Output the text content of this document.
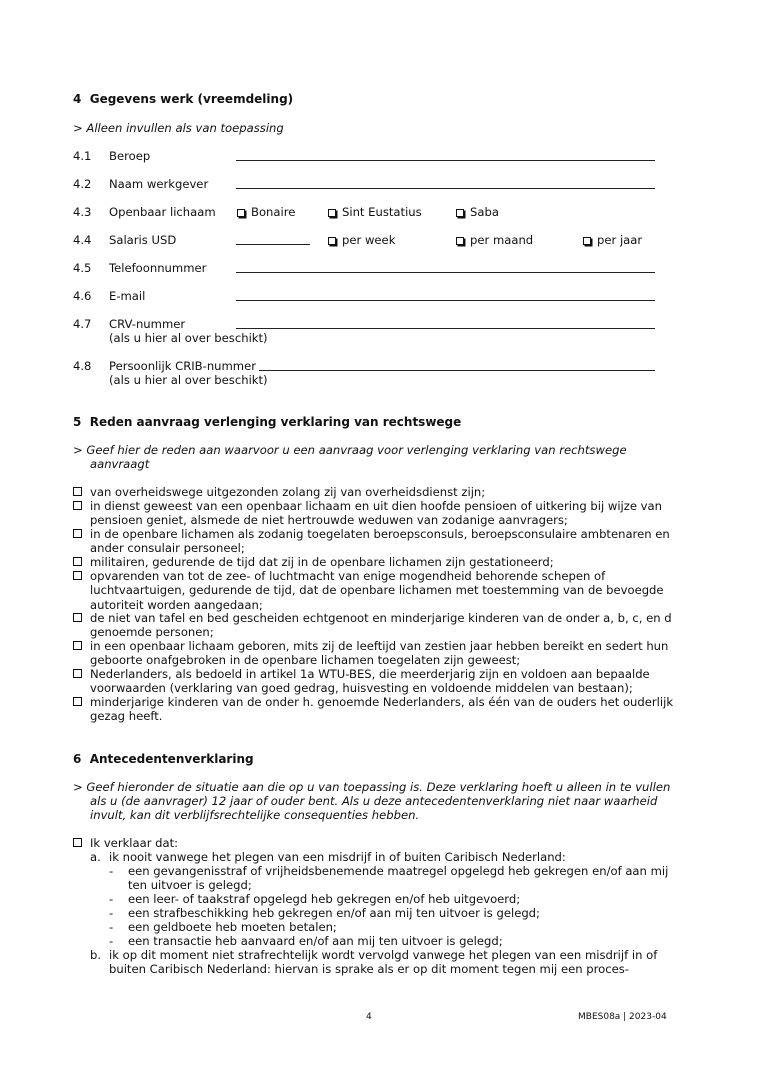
4 Gegevens werk (vreemdeling)
> Alleen invullen als van toepassing
4.1 Beroep
4.2 Naam werkgever
4.3 Openbaar lichaam	Bonaire	Sint Eustatius	Saba
4.4 Salaris USD	per week	per maand	per jaar
4.5 Telefoonnummer
4.6 E-mail
4.7 CRV-nummer
(als u hier al over beschikt)
4.8 Persoonlijk CRIB-nummer
(als u hier al over beschikt)
5 Reden aanvraag verlenging verklaring van rechtswege
> Geef hier de reden aan waarvoor u een aanvraag voor verlenging verklaring van rechtswege aanvraagt
van overheidswege uitgezonden zolang zij van overheidsdienst zijn;
in dienst geweest van een openbaar lichaam en uit dien hoofde pensioen of uitkering bij wijze van pensioen geniet, alsmede de niet hertrouwde weduwen van zodanige aanvragers;
in de openbare lichamen als zodanig toegelaten beroepsconsuls, beroepsconsulaire ambtenaren en ander consulair personeel;
militairen, gedurende de tijd dat zij in de openbare lichamen zijn gestationeerd;
opvarenden van tot de zee- of luchtmacht van enige mogendheid behorende schepen of luchtvaartuigen, gedurende de tijd, dat de openbare lichamen met toestemming van de bevoegde autoriteit worden aangedaan;
de niet van tafel en bed gescheiden echtgenoot en minderjarige kinderen van de onder a, b, c, en d genoemde personen;
in een openbaar lichaam geboren, mits zij de leeftijd van zestien jaar hebben bereikt en sedert hun geboorte onafgebroken in de openbare lichamen toegelaten zijn geweest;
Nederlanders, als bedoeld in artikel 1a WTU-BES, die meerderjarig zijn en voldoen aan bepaalde voorwaarden (verklaring van goed gedrag, huisvesting en voldoende middelen van bestaan);
minderjarige kinderen van de onder h. genoemde Nederlanders, als één van de ouders het ouderlijk gezag heeft.
6 Antecedentenverklaring
> Geef hieronder de situatie aan die op u van toepassing is. Deze verklaring hoeft u alleen in te vullen als u (de aanvrager) 12 jaar of ouder bent. Als u deze antecedentenverklaring niet naar waarheid invult, kan dit verblijfsrechtelijke consequenties hebben.
Ik verklaar dat:
a. ik nooit vanwege het plegen van een misdrijf in of buiten Caribisch Nederland:
- een gevangenisstraf of vrijheidsbenemende maatregel opgelegd heb gekregen en/of aan mij ten uitvoer is gelegd;
- een leer- of taakstraf opgelegd heb gekregen en/of heb uitgevoerd;
- een strafbeschikking heb gekregen en/of aan mij ten uitvoer is gelegd;
- een geldboete heb moeten betalen;
- een transactie heb aanvaard en/of aan mij ten uitvoer is gelegd;
b. ik op dit moment niet strafrechtelijk wordt vervolgd vanwege het plegen van een misdrijf in of buiten Caribisch Nederland: hiervan is sprake als er op dit moment tegen mij een proces-
4	MBES08a | 2023-04
